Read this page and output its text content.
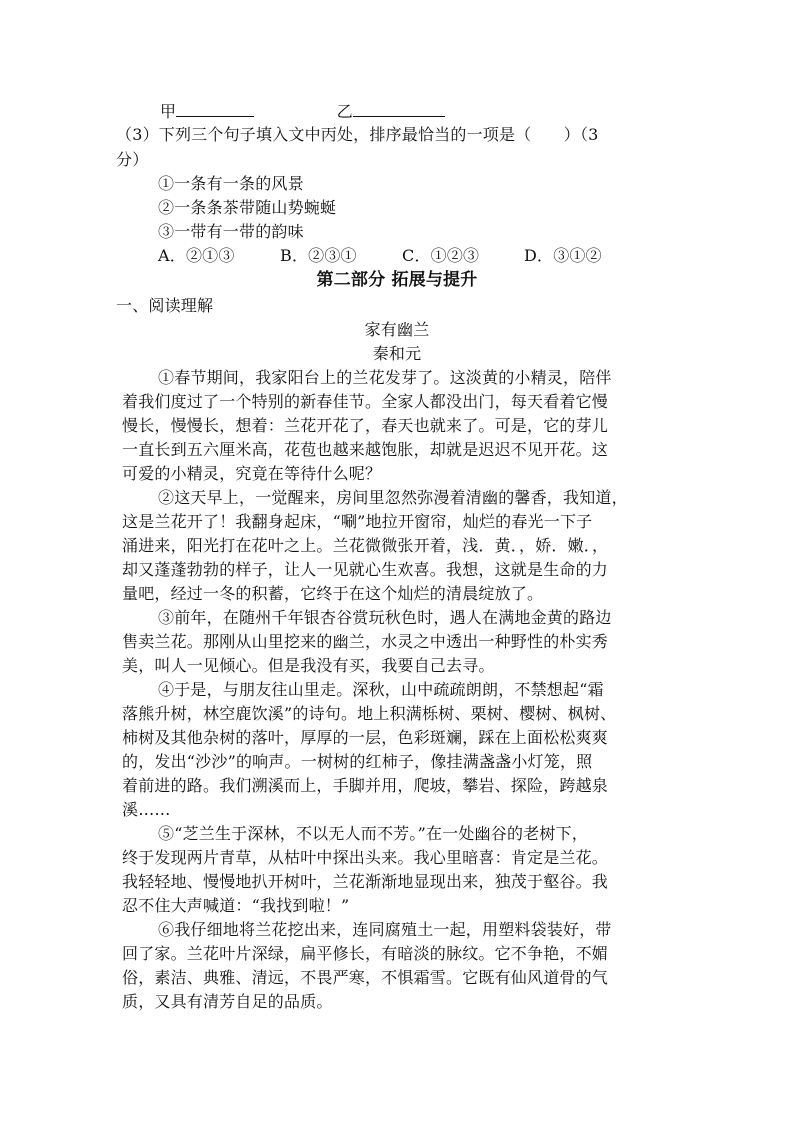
甲	乙
（3）下列三个句子填入文中丙处，排序最恰当的一项是（　　）（3
分）
①一条有一条的风景
②一条条茶带随山势蜿蜒
③一带有一带的韵味
A．②①③	B．②③①	C．①②③	D．③①②
第二部分 拓展与提升
一、阅读理解
家有幽兰
秦和元
①春节期间，我家阳台上的兰花发芽了。这淡黄的小精灵，陪伴
着我们度过了一个特别的新春佳节。全家人都没出门，每天看着它慢
慢长，慢慢长，想着：兰花开花了，春天也就来了。可是，它的芽儿
一直长到五六厘米高，花苞也越来越饱胀，却就是迟迟不见开花。这
可爱的小精灵，究竟在等待什么呢？
②这天早上，一觉醒来，房间里忽然弥漫着清幽的馨香，我知道，
这是兰花开了！我翻身起床，“唰”地拉开窗帘，灿烂的春光一下子
涌进来，阳光打在花叶之上。兰花微微张开着，浅．黄．，娇．嫩．，
却又蓬蓬勃勃的样子，让人一见就心生欢喜。我想，这就是生命的力
量吧，经过一冬的积蓄，它终于在这个灿烂的清晨绽放了。
③前年，在随州千年银杏谷赏玩秋色时，遇人在满地金黄的路边
售卖兰花。那刚从山里挖来的幽兰，水灵之中透出一种野性的朴实秀
美，叫人一见倾心。但是我没有买，我要自己去寻。
④于是，与朋友往山里走。深秋，山中疏疏朗朗，不禁想起“霜
落熊升树，林空鹿饮溪”的诗句。地上积满栎树、栗树、樱树、枫树、
柿树及其他杂树的落叶，厚厚的一层，色彩斑斓，踩在上面松松爽爽
的，发出“沙沙”的响声。一树树的红柿子，像挂满盏盏小灯笼，照
着前进的路。我们溯溪而上，手脚并用，爬坡，攀岩、探险，跨越泉
溪……
⑤“芝兰生于深林，不以无人而不芳。”在一处幽谷的老树下，
终于发现两片青草，从枯叶中探出头来。我心里暗喜：肯定是兰花。
我轻轻地、慢慢地扒开树叶，兰花渐渐地显现出来，独茂于壑谷。我
忍不住大声喊道：“我找到啦！”
⑥我仔细地将兰花挖出来，连同腐殖土一起，用塑料袋装好，带
回了家。兰花叶片深绿，扁平修长，有暗淡的脉纹。它不争艳，不媚
俗，素洁、典雅、清远，不畏严寒，不惧霜雪。它既有仙风道骨的气
质，又具有清芳自足的品质。
